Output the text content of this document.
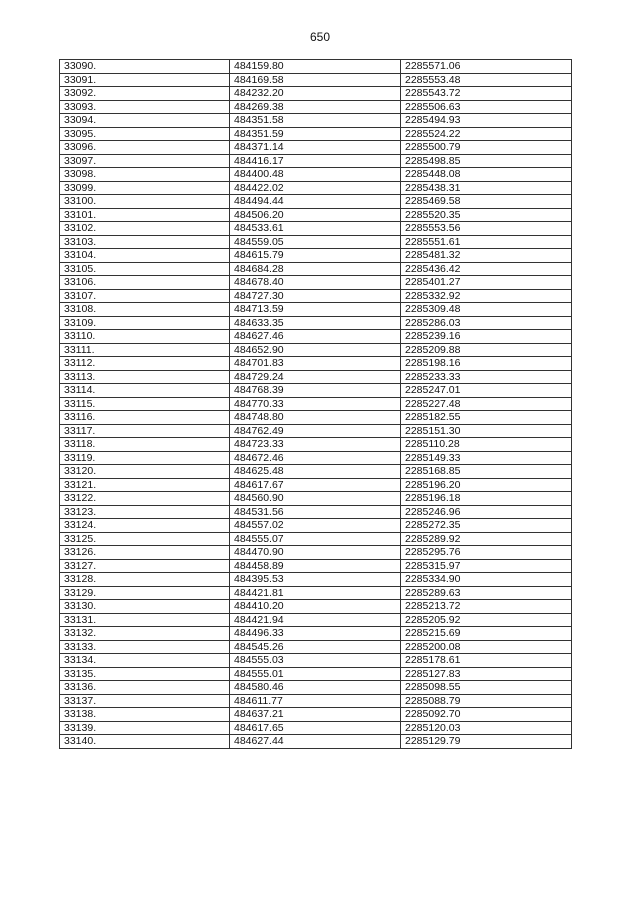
650
33090.	484159.80	2285571.06
33091.	484169.58	2285553.48
33092.	484232.20	2285543.72
33093.	484269.38	2285506.63
33094.	484351.58	2285494.93
33095.	484351.59	2285524.22
33096.	484371.14	2285500.79
33097.	484416.17	2285498.85
33098.	484400.48	2285448.08
33099.	484422.02	2285438.31
33100.	484494.44	2285469.58
33101.	484506.20	2285520.35
33102.	484533.61	2285553.56
33103.	484559.05	2285551.61
33104.	484615.79	2285481.32
33105.	484684.28	2285436.42
33106.	484678.40	2285401.27
33107.	484727.30	2285332.92
33108.	484713.59	2285309.48
33109.	484633.35	2285286.03
33110.	484627.46	2285239.16
33111.	484652.90	2285209.88
33112.	484701.83	2285198.16
33113.	484729.24	2285233.33
33114.	484768.39	2285247.01
33115.	484770.33	2285227.48
33116.	484748.80	2285182.55
33117.	484762.49	2285151.30
33118.	484723.33	2285110.28
33119.	484672.46	2285149.33
33120.	484625.48	2285168.85
33121.	484617.67	2285196.20
33122.	484560.90	2285196.18
33123.	484531.56	2285246.96
33124.	484557.02	2285272.35
33125.	484555.07	2285289.92
33126.	484470.90	2285295.76
33127.	484458.89	2285315.97
33128.	484395.53	2285334.90
33129.	484421.81	2285289.63
33130.	484410.20	2285213.72
33131.	484421.94	2285205.92
33132.	484496.33	2285215.69
33133.	484545.26	2285200.08
33134.	484555.03	2285178.61
33135.	484555.01	2285127.83
33136.	484580.46	2285098.55
33137.	484611.77	2285088.79
33138.	484637.21	2285092.70
33139.	484617.65	2285120.03
33140.	484627.44	2285129.79
